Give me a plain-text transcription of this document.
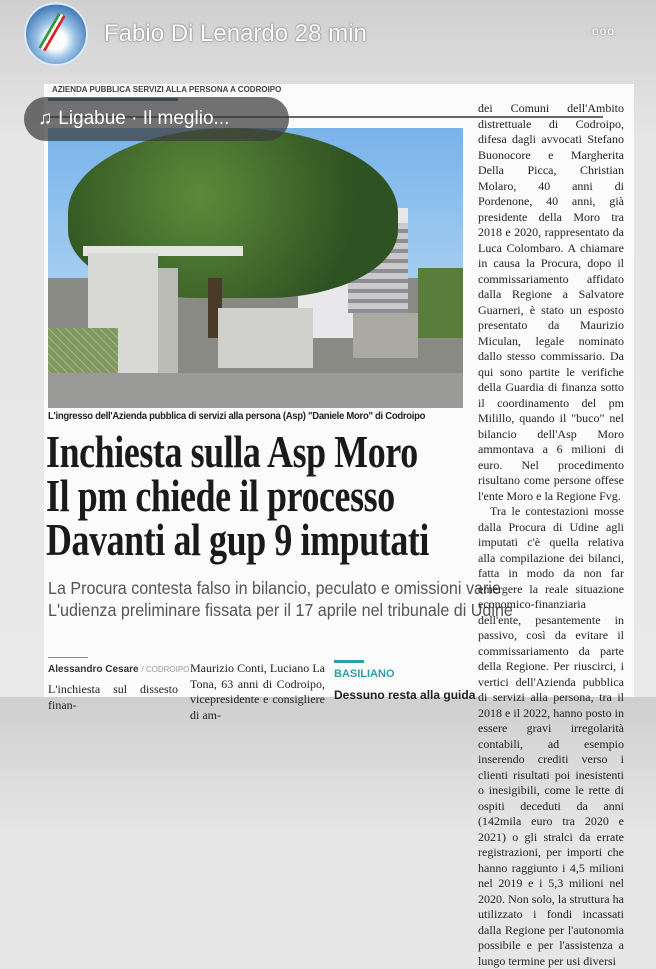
Fabio Di Lenardo 28 min	ooo
AZIENDA PUBBLICA SERVIZI ALLA PERSONA A CODROIPO
♫ Ligabue · Il meglio...
L'ingresso dell'Azienda pubblica di servizi alla persona (Asp) "Daniele Moro" di Codroipo
Inchiesta sulla Asp Moro
Il pm chiede il processo
Davanti al gup 9 imputati
La Procura contesta falso in bilancio, peculato e omissioni varie
L'udienza preliminare fissata per il 17 aprile nel tribunale di Udine

dei Comuni dell'Ambito distrettuale di Codroipo, difesa dagli avvocati Stefano Buonocore e Margherita Della Picca, Christian Molaro, 40 anni di Pordenone, 40 anni, già presidente della Moro tra 2018 e 2020, rappresentato da Luca Colombaro. A chiamare in causa la Procura, dopo il commissariamento affidato dalla Regione a Salvatore Guarneri, è stato un esposto presentato da Maurizio Miculan, legale nominato dallo stesso commissario. Da qui sono partite le verifiche della Guardia di finanza sotto il coordinamento del pm Milillo, quando il "buco" nel bilancio dell'Asp Moro ammontava a 6 milioni di euro. Nel procedimento risultano come persone offese l'ente Moro e la Regione Fvg.

Tra le contestazioni mosse dalla Procura di Udine agli imputati c'è quella relativa alla compilazione dei bilanci, fatta in modo da non far emergere la reale situazione economico-finanziaria dell'ente, pesantemente in passivo, così da evitare il commissariamento da parte della Regione. Per riuscirci, i vertici dell'Azienda pubblica di servizi alla persona, tra il 2018 e il 2022, hanno posto in essere gravi irregolarità contabili, ad esempio inserendo crediti verso i clienti risultati poi inesistenti o inesigibili, come le rette di ospiti deceduti da anni (142mila euro tra 2020 e 2021) o gli stralci da errate registrazioni, per importi che hanno raggiunto i 4,5 milioni nel 2019 e i 5,3 milioni nel 2020. Non solo, la struttura ha utilizzato i fondi incassati dalla Regione per l'autonomia possibile e per l'assistenza a lungo termine per usi diversi

Alessandro Cesare / CODROIPO
L'inchiesta sul dissesto finan-
Maurizio Conti, Luciano La Tona, 63 anni di Codroipo, vicepresidente e consigliere di am-
BASILIANO
Dessuno resta alla guida
